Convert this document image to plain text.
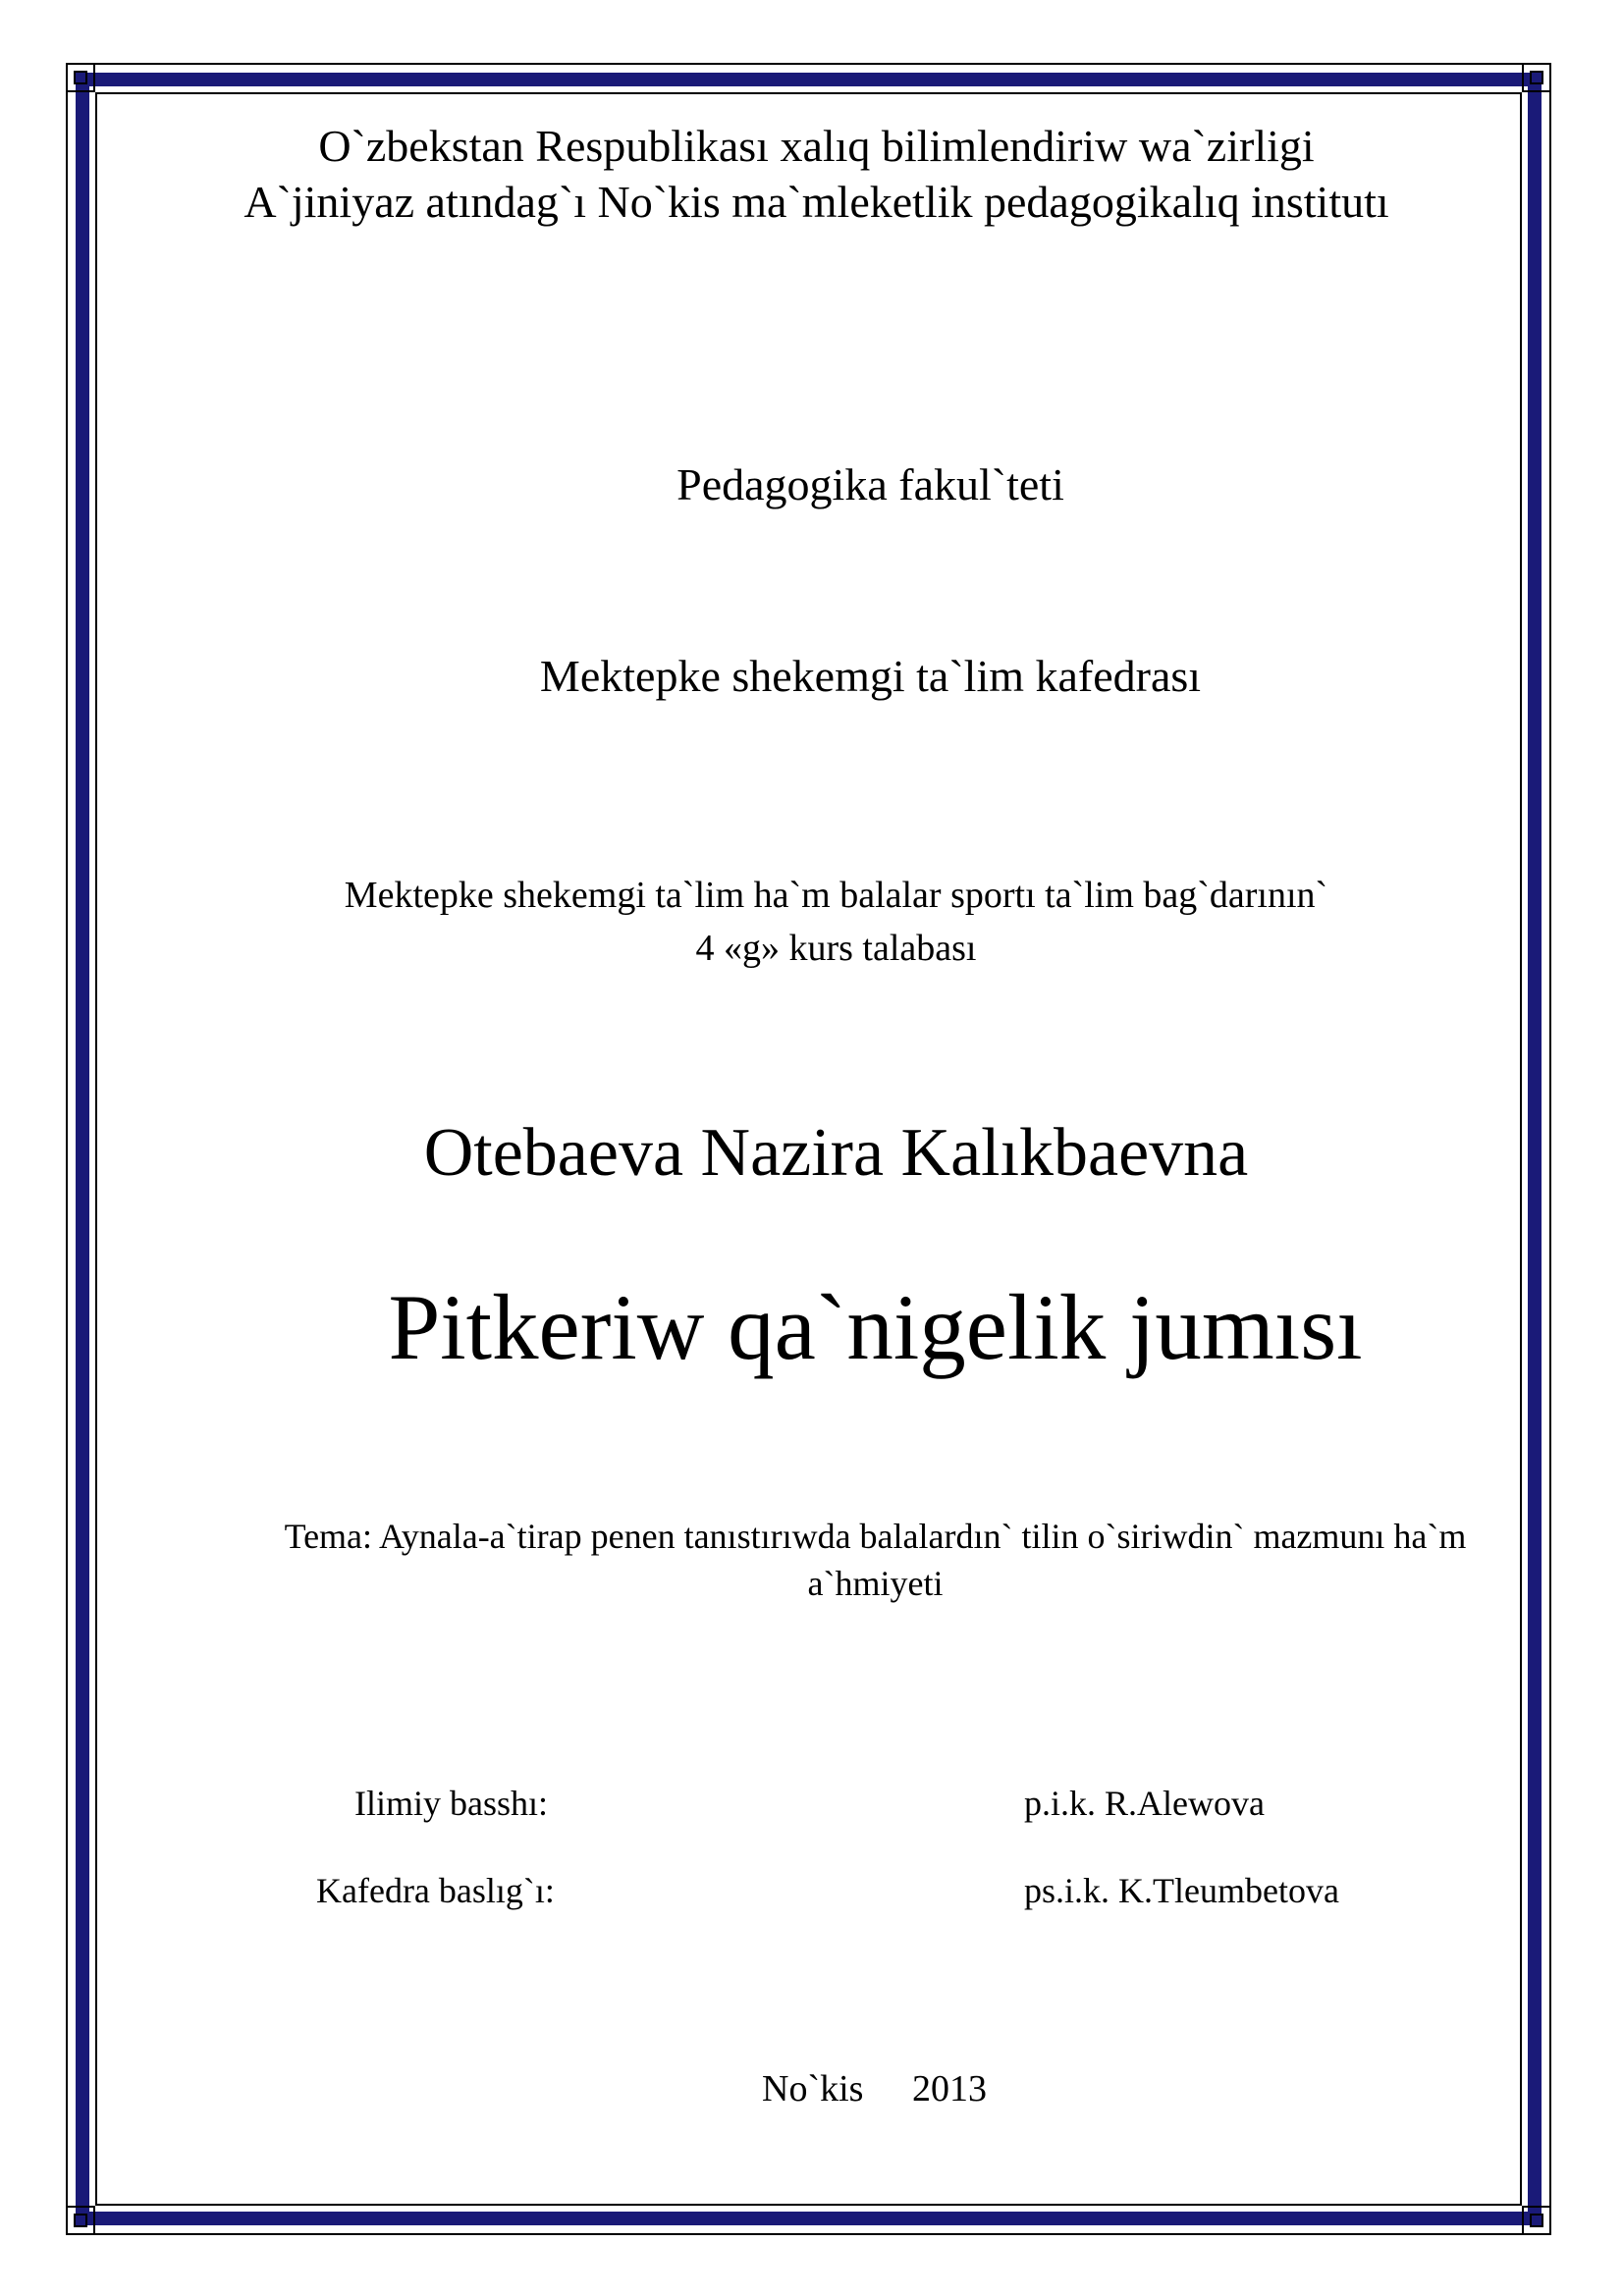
O`zbekstan Respublikası xalıq bilimlendiriw wa`zirligi

A`jiniyaz atındag`ı No`kis ma`mleketlik pedagogikalıq institutı

Pedagogika fakul`teti

Mektepke shekemgi ta`lim kafedrası

Mektepke shekemgi ta`lim ha`m balalar sportı ta`lim bag`darının`

4 «g» kurs talabası

Otebaeva Nazira Kalıkbaevna

Pitkeriw qa`nigelik jumısı

Tema: Aynala-a`tirap penen tanıstırıwda balalardın` tilin o`siriwdin` mazmunı ha`m

a`hmiyeti

Ilimiy basshı:	p.i.k. R.Alewova
Kafedra baslıg`ı:	ps.i.k. K.Tleumbetova
No`kis 2013
